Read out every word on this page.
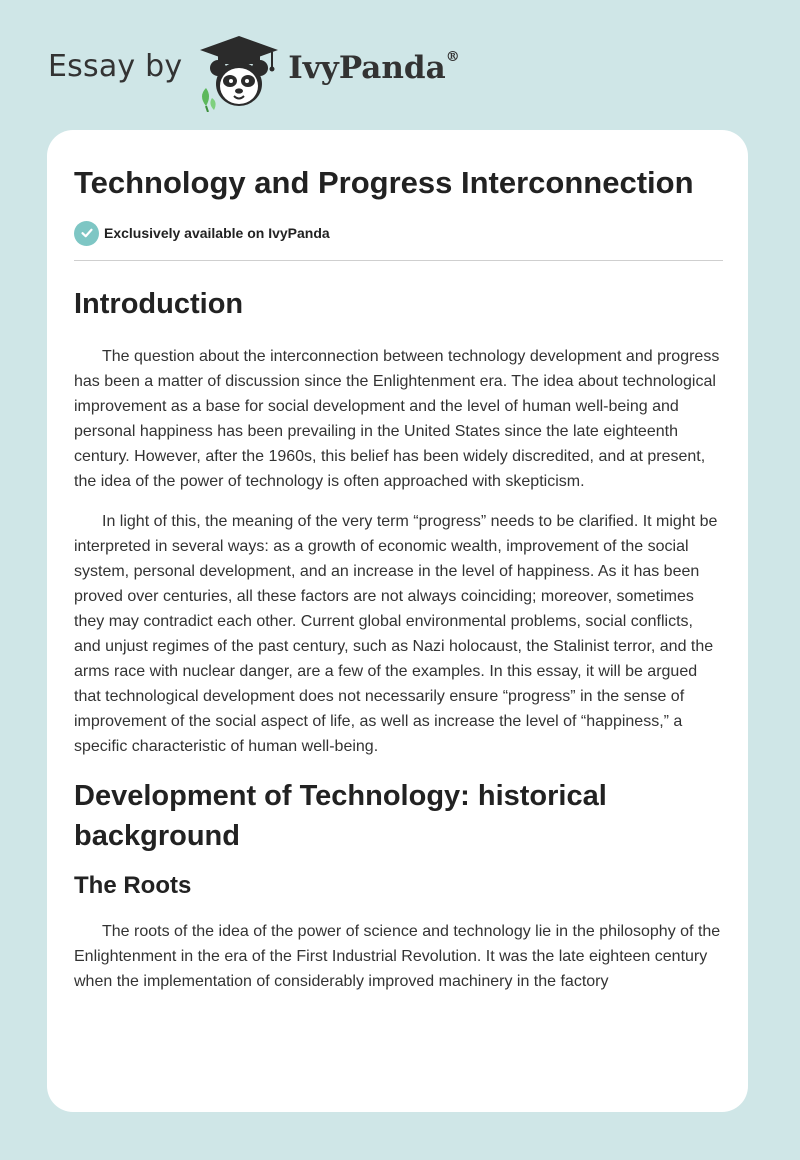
Essay by	IvyPanda®
Technology and Progress Interconnection
Exclusively available on IvyPanda
Introduction

The question about the interconnection between technology development and progress has been a matter of discussion since the Enlightenment era. The idea about technological improvement as a base for social development and the level of human well-being and personal happiness has been prevailing in the United States since the late eighteenth century. However, after the 1960s, this belief has been widely discredited, and at present, the idea of the power of technology is often approached with skepticism.

In light of this, the meaning of the very term “progress” needs to be clarified. It might be interpreted in several ways: as a growth of economic wealth, improvement of the social system, personal development, and an increase in the level of happiness. As it has been proved over centuries, all these factors are not always coinciding; moreover, sometimes they may contradict each other. Current global environmental problems, social conflicts, and unjust regimes of the past century, such as Nazi holocaust, the Stalinist terror, and the arms race with nuclear danger, are a few of the examples. In this essay, it will be argued that technological development does not necessarily ensure “progress” in the sense of improvement of the social aspect of life, as well as increase the level of “happiness,” a specific characteristic of human well-being.

Development of Technology: historical background
The Roots

The roots of the idea of the power of science and technology lie in the philosophy of the Enlightenment in the era of the First Industrial Revolution. It was the late eighteen century when the implementation of considerably improved machinery in the factory
